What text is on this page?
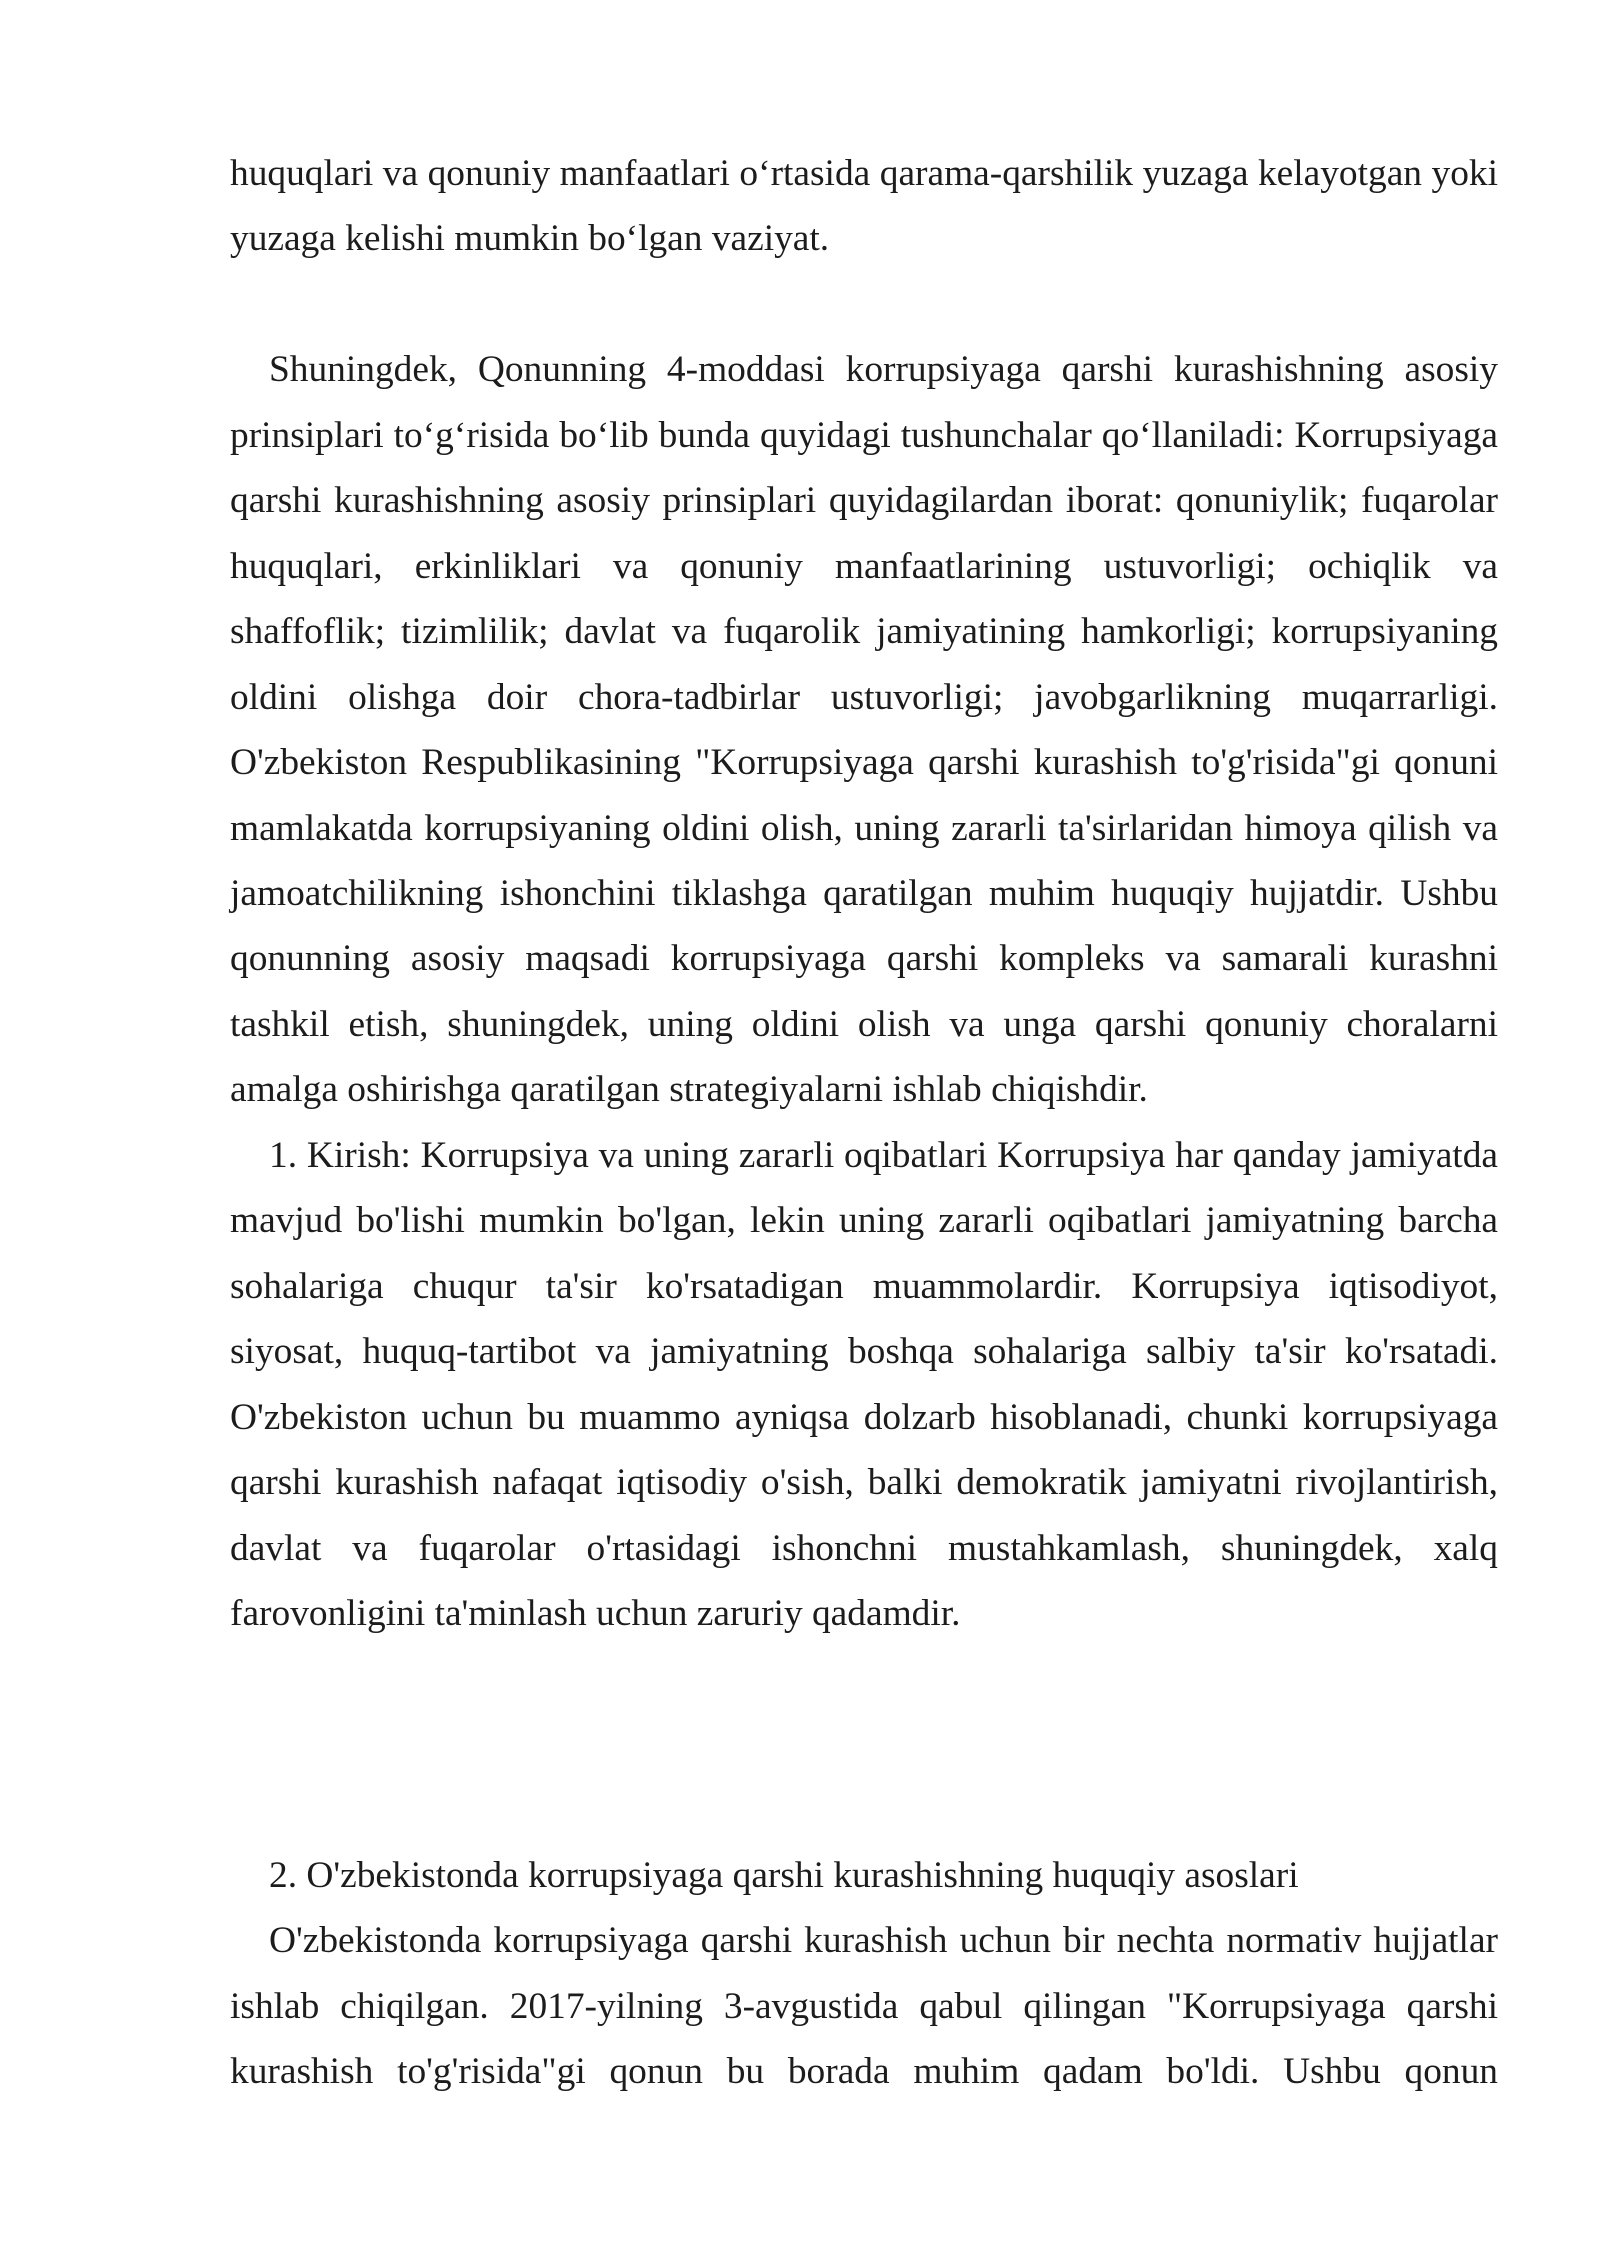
huquqlari va qonuniy manfaatlari o‘rtasida qarama-qarshilik yuzaga kelayotgan yoki
yuzaga kelishi mumkin bo‘lgan vaziyat.
Shuningdek, Qonunning 4-moddasi korrupsiyaga qarshi kurashishning asosiy
prinsiplari to‘g‘risida bo‘lib bunda quyidagi tushunchalar qo‘llaniladi: Korrupsiyaga
qarshi kurashishning asosiy prinsiplari quyidagilardan iborat: qonuniylik; fuqarolar
huquqlari, erkinliklari va qonuniy manfaatlarining ustuvorligi; ochiqlik va
shaffoflik; tizimlilik; davlat va fuqarolik jamiyatining hamkorligi; korrupsiyaning
oldini olishga doir chora-tadbirlar ustuvorligi; javobgarlikning muqarrarligi.
O'zbekiston Respublikasining "Korrupsiyaga qarshi kurashish to'g'risida"gi qonuni
mamlakatda korrupsiyaning oldini olish, uning zararli ta'sirlaridan himoya qilish va
jamoatchilikning ishonchini tiklashga qaratilgan muhim huquqiy hujjatdir. Ushbu
qonunning asosiy maqsadi korrupsiyaga qarshi kompleks va samarali kurashni
tashkil etish, shuningdek, uning oldini olish va unga qarshi qonuniy choralarni
amalga oshirishga qaratilgan strategiyalarni ishlab chiqishdir.
1. Kirish: Korrupsiya va uning zararli oqibatlari Korrupsiya har qanday jamiyatda
mavjud bo'lishi mumkin bo'lgan, lekin uning zararli oqibatlari jamiyatning barcha
sohalariga chuqur ta'sir ko'rsatadigan muammolardir. Korrupsiya iqtisodiyot,
siyosat, huquq-tartibot va jamiyatning boshqa sohalariga salbiy ta'sir ko'rsatadi.
O'zbekiston uchun bu muammo ayniqsa dolzarb hisoblanadi, chunki korrupsiyaga
qarshi kurashish nafaqat iqtisodiy o'sish, balki demokratik jamiyatni rivojlantirish,
davlat va fuqarolar o'rtasidagi ishonchni mustahkamlash, shuningdek, xalq
farovonligini ta'minlash uchun zaruriy qadamdir.
2. O'zbekistonda korrupsiyaga qarshi kurashishning huquqiy asoslari
O'zbekistonda korrupsiyaga qarshi kurashish uchun bir nechta normativ hujjatlar
ishlab chiqilgan. 2017-yilning 3-avgustida qabul qilingan "Korrupsiyaga qarshi
kurashish to'g'risida"gi qonun bu borada muhim qadam bo'ldi. Ushbu qonun
